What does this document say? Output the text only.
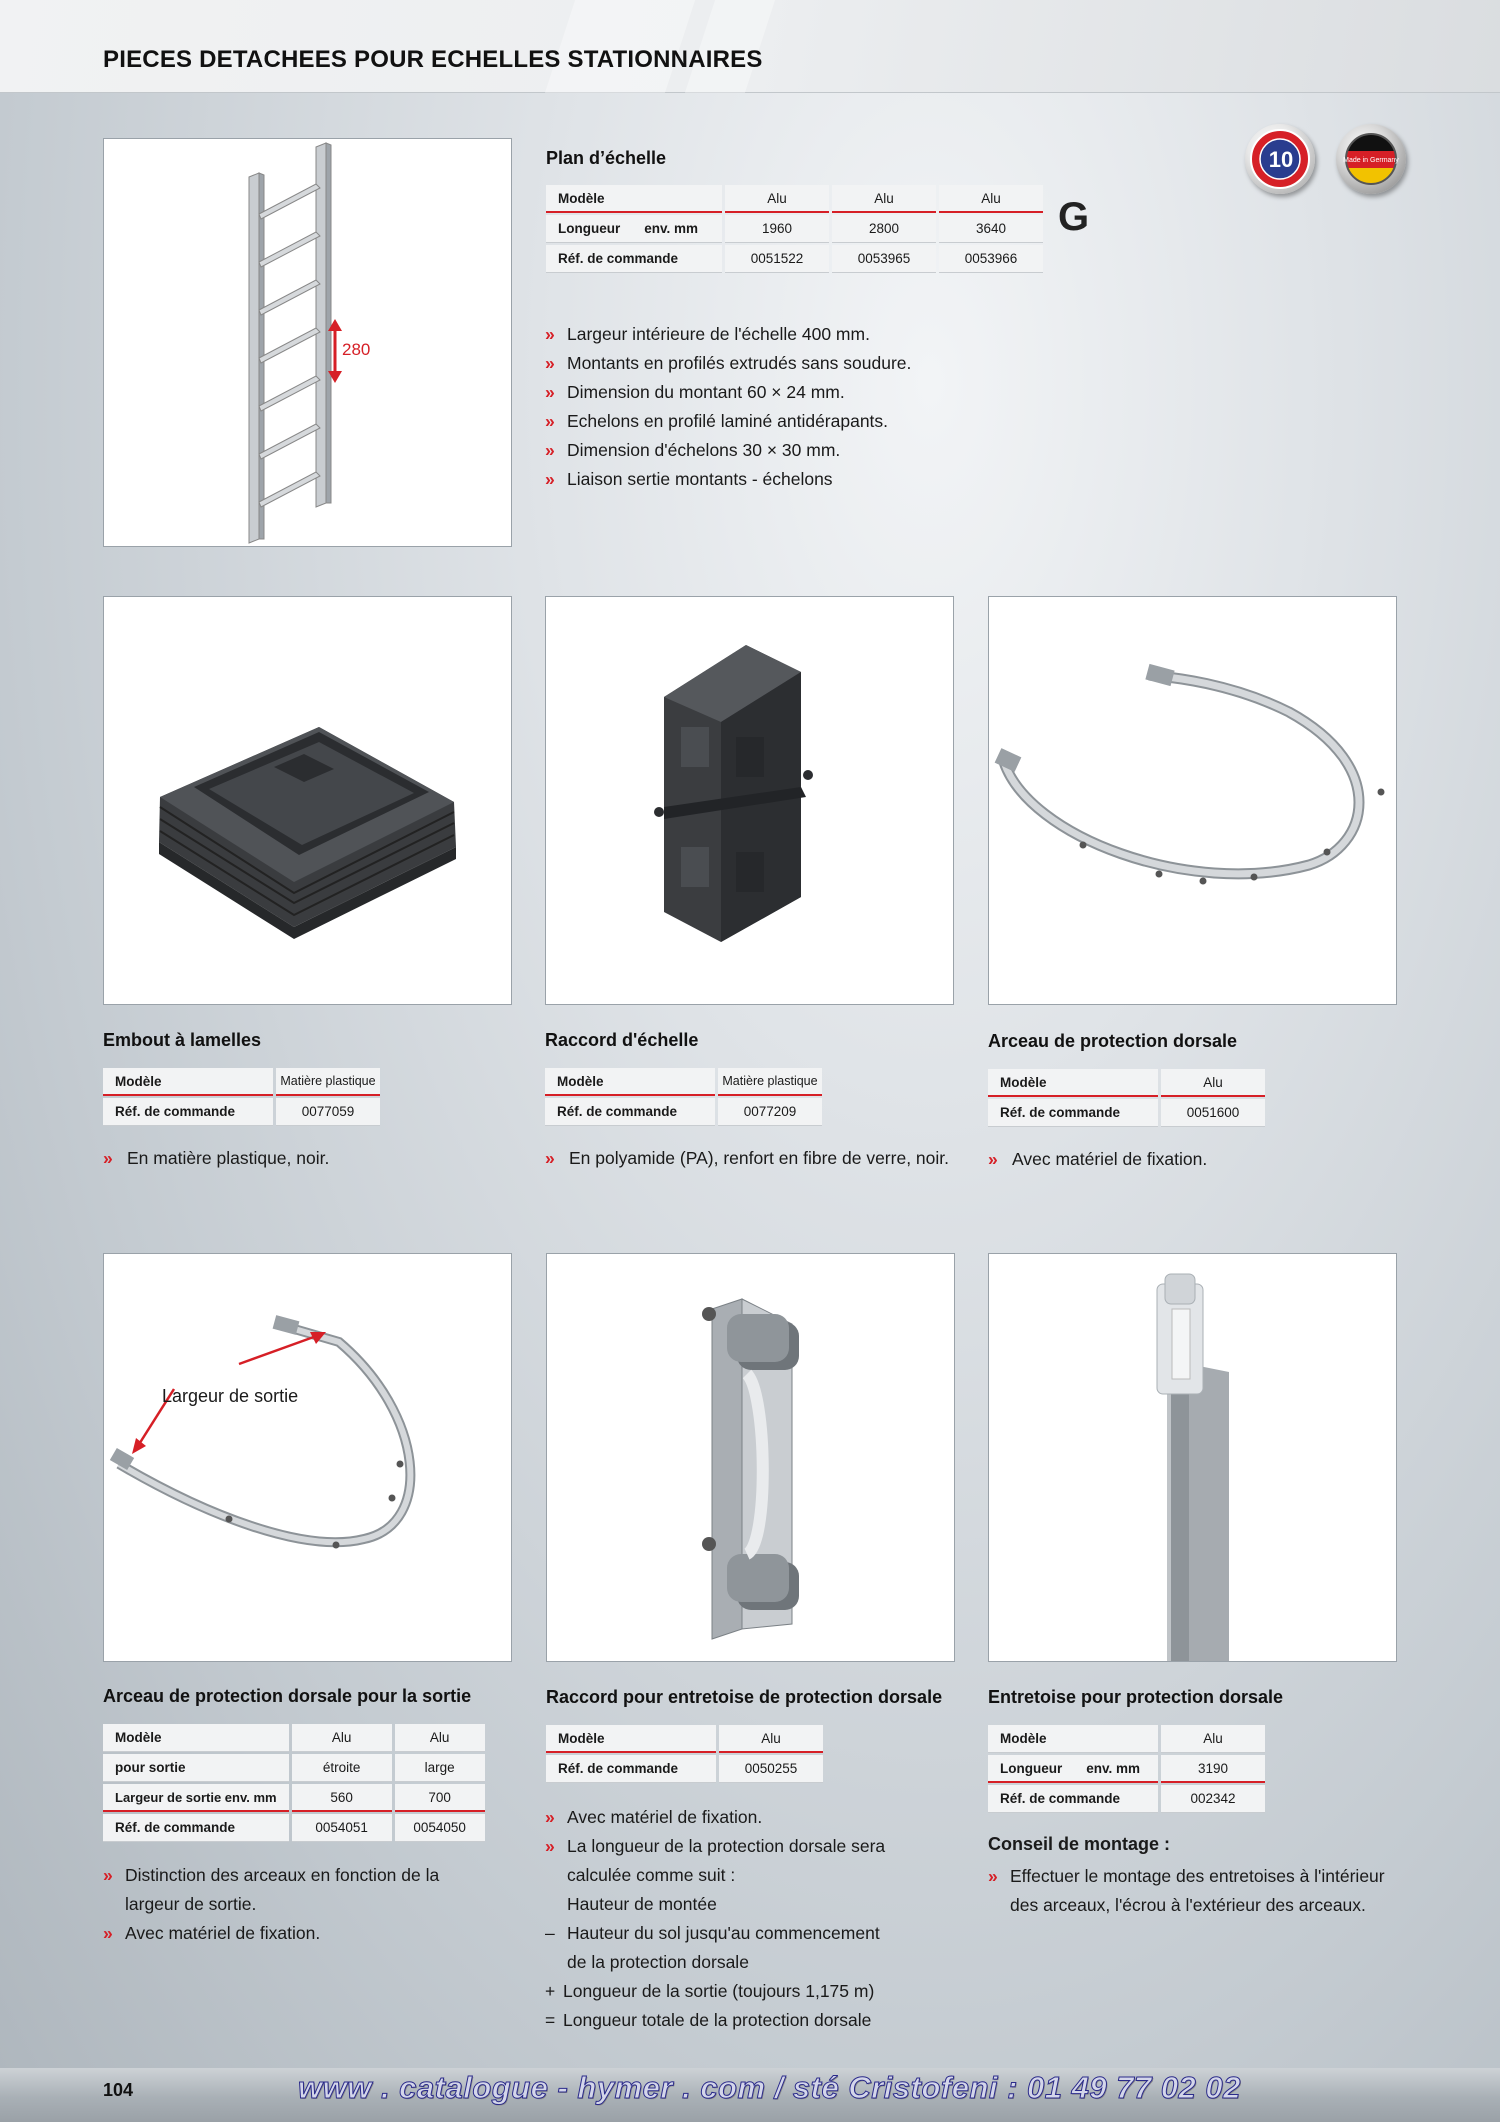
PIECES DETACHEES POUR ECHELLES STATIONNAIRES
10	Made in Germany
G
280
Plan d’échelle
Modèle	Alu	Alu	Alu
Longueur env. mm	1960	2800	3640
Réf. de commande	0051522	0053965	0053966
» Largeur intérieure de l'échelle 400 mm.
» Montants en profilés extrudés sans soudure.
» Dimension du montant 60 × 24 mm.
» Echelons en profilé laminé antidérapants.
» Dimension d'échelons 30 × 30 mm.
» Liaison sertie montants - échelons
Embout à lamelles
Modèle	Matière plastique
Réf. de commande	0077059
» En matière plastique, noir.
Raccord d'échelle
Modèle	Matière plastique
Réf. de commande	0077209
» En polyamide (PA), renfort en fibre de verre, noir.
Arceau de protection dorsale
Modèle	Alu
Réf. de commande	0051600
» Avec matériel de fixation.
Largeur de sortie
Arceau de protection dorsale pour la sortie
Modèle	Alu	Alu
pour sortie	étroite	large
Largeur de sortie env. mm	560	700
Réf. de commande	0054051	0054050
» Distinction des arceaux en fonction de la largeur de sortie.
» Avec matériel de fixation.
Raccord pour entretoise de protection dorsale
Modèle	Alu
Réf. de commande	0050255
» Avec matériel de fixation.
» La longueur de la protection dorsale sera calculée comme suit :
Hauteur de montée
– Hauteur du sol jusqu'au commencement de la protection dorsale
+ Longueur de la sortie (toujours 1,175 m)
= Longueur totale de la protection dorsale
Entretoise pour protection dorsale
Modèle	Alu
Longueur env. mm	3190
Réf. de commande	002342
Conseil de montage :
» Effectuer le montage des entretoises à l'intérieur des arceaux, l'écrou à l'extérieur des arceaux.
104	www . catalogue - hymer . com / sté Cristofeni : 01 49 77 02 02
